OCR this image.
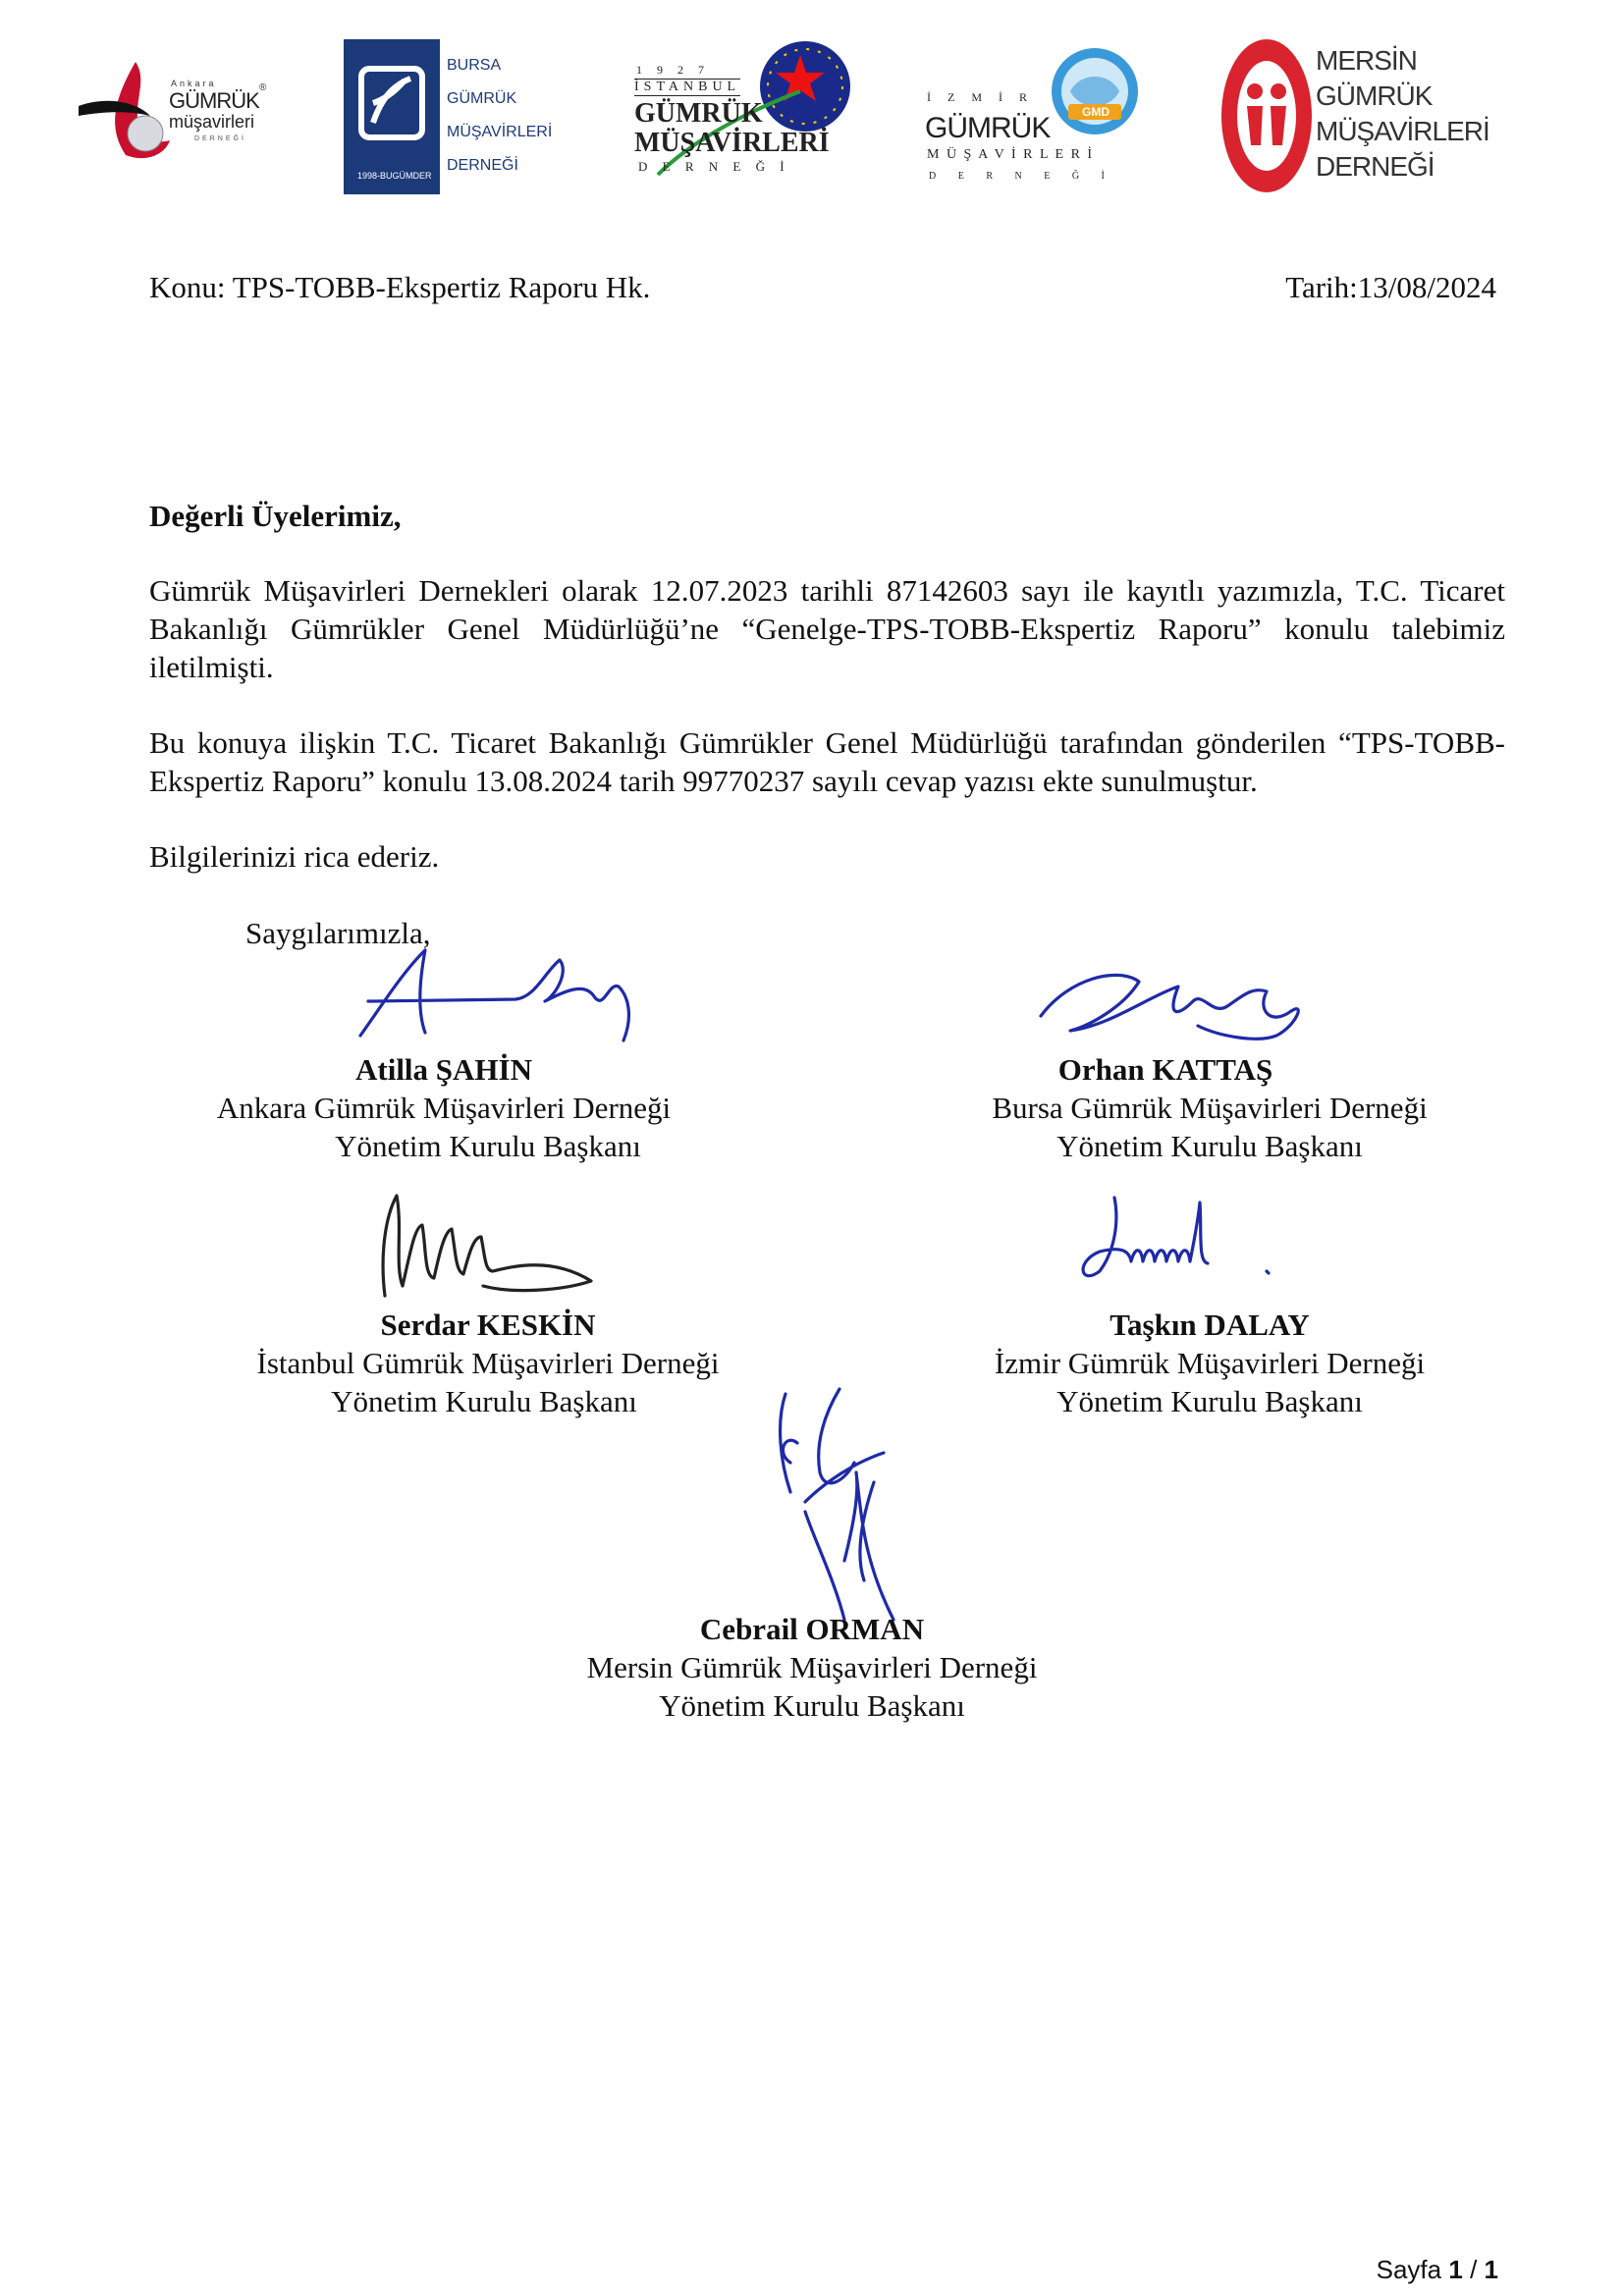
Ankara
GÜMRÜK
müşavirleri
DERNEĞİ
®
1998-BUGÜMDER
BURSA
GÜMRÜK
MÜŞAVİRLERİ
DERNEĞİ
1 9 2 7
İSTANBUL
GÜMRÜK
MÜŞAVİRLERİ
D E R N E Ğ İ
GMD
İ Z M İ R
GÜMRÜK
M Ü Ş A V İ R L E R İ
D E R N E Ğ İ
MERSİN
GÜMRÜK
MÜŞAVİRLERİ
DERNEĞİ
Konu: TPS-TOBB-Ekspertiz Raporu Hk.	Tarih:13/08/2024
Değerli Üyelerimiz,
Gümrük Müşavirleri Dernekleri olarak 12.07.2023 tarihli 87142603 sayı ile kayıtlı yazımızla, T.C. Ticaret Bakanlığı Gümrükler Genel Müdürlüğü’ne “Genelge-TPS-TOBB-Ekspertiz Raporu” konulu talebimiz iletilmişti.
Bu konuya ilişkin T.C. Ticaret Bakanlığı Gümrükler Genel Müdürlüğü tarafından gönderilen “TPS-TOBB-Ekspertiz Raporu” konulu 13.08.2024 tarih 99770237 sayılı cevap yazısı ekte sunulmuştur.
Bilgilerinizi rica ederiz.
Saygılarımızla,
Atilla ŞAHİN
Ankara Gümrük Müşavirleri Derneği
Yönetim Kurulu Başkanı
Orhan KATTAŞ
Bursa Gümrük Müşavirleri Derneği
Yönetim Kurulu Başkanı
Serdar KESKİN
İstanbul Gümrük Müşavirleri Derneği
Yönetim Kurulu Başkanı
Taşkın DALAY
İzmir Gümrük Müşavirleri Derneği
Yönetim Kurulu Başkanı
Cebrail ORMAN
Mersin Gümrük Müşavirleri Derneği
Yönetim Kurulu Başkanı
Sayfa 1 / 1
